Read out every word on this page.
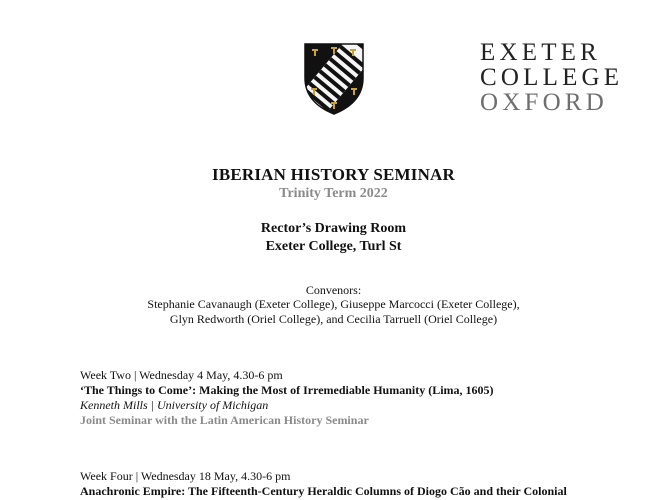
EXETER
COLLEGE
OXFORD
IBERIAN HISTORY SEMINAR
Trinity Term 2022
Rector’s Drawing Room
Exeter College, Turl St
Convenors:
Stephanie Cavanaugh (Exeter College), Giuseppe Marcocci (Exeter College),
Glyn Redworth (Oriel College), and Cecilia Tarruell (Oriel College)
Week Two | Wednesday 4 May, 4.30-6 pm
‘The Things to Come’: Making the Most of Irremediable Humanity (Lima, 1605)
Kenneth Mills | University of Michigan
Joint Seminar with the Latin American History Seminar
Week Four | Wednesday 18 May, 4.30-6 pm
Anachronic Empire: The Fifteenth-Century Heraldic Columns of Diogo Cão and their Colonial
